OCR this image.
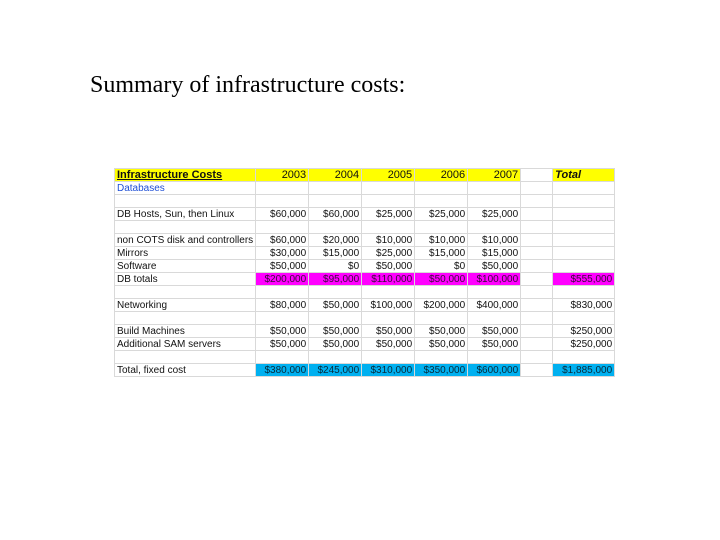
Summary of infrastructure costs:
Infrastructure Costs	2003	2004	2005	2006	2007		Total
Databases							

DB Hosts, Sun, then Linux	$60,000	$60,000	$25,000	$25,000	$25,000		

non COTS disk and controllers	$60,000	$20,000	$10,000	$10,000	$10,000		
Mirrors	$30,000	$15,000	$25,000	$15,000	$15,000		
Software	$50,000	$0	$50,000	$0	$50,000		
DB totals	$200,000	$95,000	$110,000	$50,000	$100,000		$555,000

Networking	$80,000	$50,000	$100,000	$200,000	$400,000		$830,000

Build Machines	$50,000	$50,000	$50,000	$50,000	$50,000		$250,000
Additional SAM servers	$50,000	$50,000	$50,000	$50,000	$50,000		$250,000

Total, fixed cost	$380,000	$245,000	$310,000	$350,000	$600,000		$1,885,000
